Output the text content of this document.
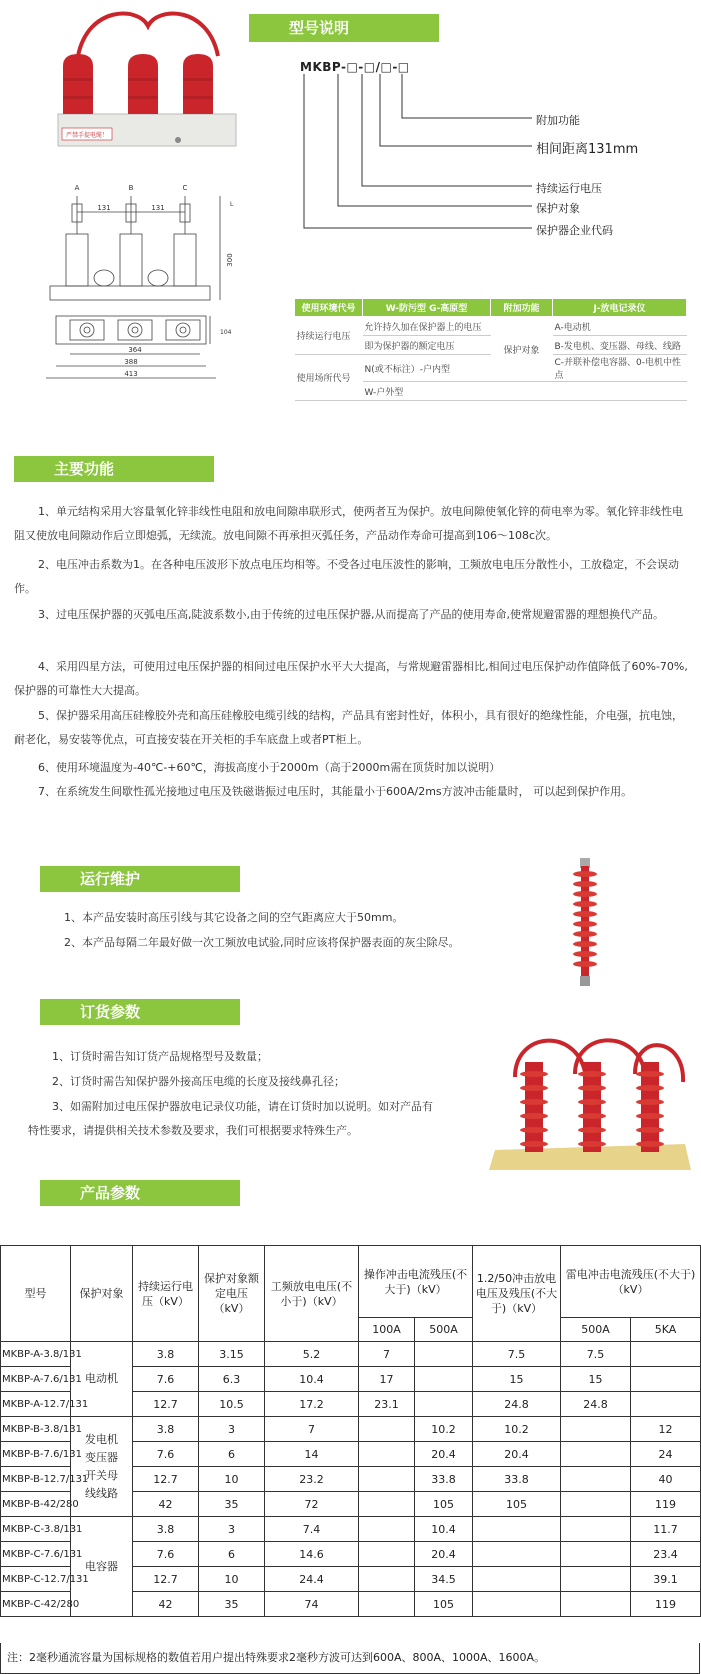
严禁手提电缆！
型号说明
MKBP-□-□/□-□
附加功能
相间距离131mm
持续运行电压
保护对象
保护器企业代码
A	B	C
131	131
300
364
388
413
104
L
使用环境代号	W-防污型 G-高原型	附加功能	J-放电记录仪
持续运行电压	允许持久加在保护器上的电压	保护对象	A-电动机
	即为保护器的额定电压		B-发电机、变压器、母线、线路
使用场所代号	N(或不标注）-户内型		C-并联补偿电容器、0-电机中性点
	W-户外型		
主要功能
1、单元结构采用大容量氧化锌非线性电阻和放电间隙串联形式，使两者互为保护。放电间隙使氧化锌的荷电率为零。氧化锌非线性电阻又使放电间隙动作后立即熄弧，无续流。放电间隙不再承担灭弧任务，产品动作寿命可提高到106～108c次。
2、电压冲击系数为1。在各种电压波形下放点电压均相等。不受各过电压波性的影响，工频放电电压分散性小，工放稳定，不会误动作。
3、过电压保护器的灭弧电压高,陡波系数小,由于传统的过电压保护器,从而提高了产品的使用寿命,使常规避雷器的理想换代产品。
4、采用四星方法，可使用过电压保护器的相间过电压保护水平大大提高，与常规避雷器相比,相间过电压保护动作值降低了60%-70%,保护器的可靠性大大提高。
5、保护器采用高压硅橡胶外壳和高压硅橡胶电缆引线的结构，产品具有密封性好，体积小，具有很好的绝缘性能，介电强，抗电蚀，耐老化，易安装等优点，可直接安装在开关柜的手车底盘上或者PT柜上。
6、使用环境温度为-40℃-+60℃，海拔高度小于2000m（高于2000m需在顶货时加以说明）
7、在系统发生间歇性孤光接地过电压及铁磁谐振过电压时，其能量小于600A/2ms方波冲击能量时， 可以起到保护作用。
运行维护
1、本产品安装时高压引线与其它设备之间的空气距离应大于50mm。
2、本产品每隔二年最好做一次工频放电试验,同时应该将保护器表面的灰尘除尽。
订货参数
1、订货时需告知订货产品规格型号及数量；
2、订货时需告知保护器外接高压电缆的长度及接线鼻孔径；
3、如需附加过电压保护器放电记录仪功能，请在订货时加以说明。如对产品有特性要求，请提供相关技术参数及要求，我们可根据要求特殊生产。
产品参数
型号	保护对象	持续运行电压（kV）	保护对象额定电压（kV）	工频放电电压(不小于)（kV）	操作冲击电流残压(不大于)（kV）		1.2/50冲击放电电压及残压(不大于)（kV）	雷电冲击电流残压(不大于)（kV）	
					100A	500A		500A	5KA
MKBP-A-3.8/131	电动机	3.8	3.15	5.2	7		7.5	7.5	
MKBP-A-7.6/131		7.6	6.3	10.4	17		15	15	
MKBP-A-12.7/131		12.7	10.5	17.2	23.1		24.8	24.8	
MKBP-B-3.8/131	发电机变压器开关母线线路	3.8	3	7		10.2	10.2		12
MKBP-B-7.6/131		7.6	6	14		20.4	20.4		24
MKBP-B-12.7/131		12.7	10	23.2		33.8	33.8		40
MKBP-B-42/280		42	35	72		105	105		119
MKBP-C-3.8/131	电容器	3.8	3	7.4		10.4			11.7
MKBP-C-7.6/131		7.6	6	14.6		20.4			23.4
MKBP-C-12.7/131		12.7	10	24.4		34.5			39.1
MKBP-C-42/280		42	35	74		105			119
注：2毫秒通流容量为国标规格的数值若用户提出特殊要求2毫秒方波可达到600A、800A、1000A、1600A。
